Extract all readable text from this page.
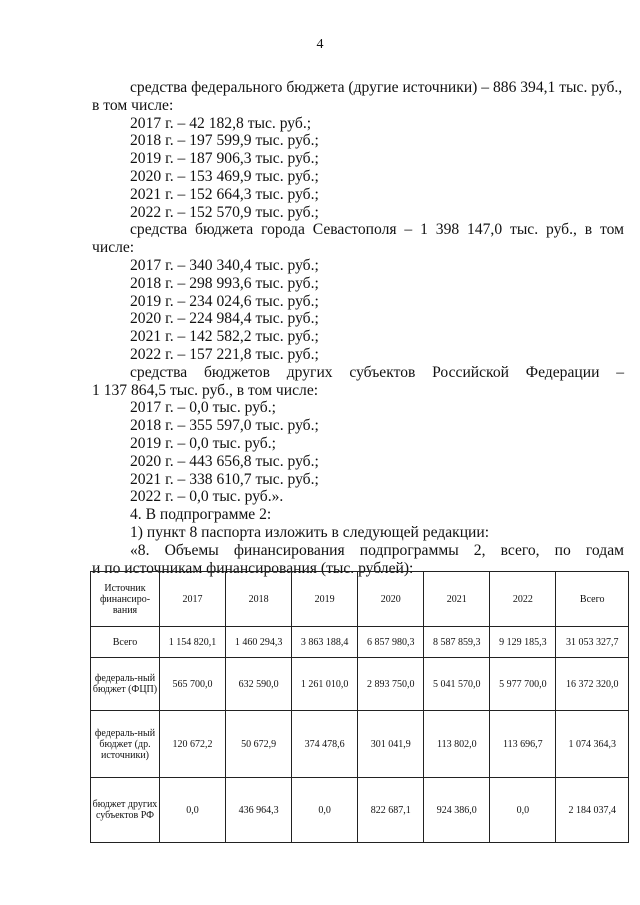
4
средства федерального бюджета (другие источники) – 886 394,1 тыс. руб.,
в том числе:
2017 г. – 42 182,8 тыс. руб.;
2018 г. – 197 599,9 тыс. руб.;
2019 г. – 187 906,3 тыс. руб.;
2020 г. – 153 469,9 тыс. руб.;
2021 г. – 152 664,3 тыс. руб.;
2022 г. – 152 570,9 тыс. руб.;
средства бюджета города Севастополя – 1 398 147,0 тыс. руб., в том
числе:
2017 г. – 340 340,4 тыс. руб.;
2018 г. – 298 993,6 тыс. руб.;
2019 г. – 234 024,6 тыс. руб.;
2020 г. – 224 984,4 тыс. руб.;
2021 г. – 142 582,2 тыс. руб.;
2022 г. – 157 221,8 тыс. руб.;
средства бюджетов других субъектов Российской Федерации –
1 137 864,5 тыс. руб., в том числе:
2017 г. – 0,0 тыс. руб.;
2018 г. – 355 597,0 тыс. руб.;
2019 г. – 0,0 тыс. руб.;
2020 г. – 443 656,8 тыс. руб.;
2021 г. – 338 610,7 тыс. руб.;
2022 г. – 0,0 тыс. руб.».
4. В подпрограмме 2:
1) пункт 8 паспорта изложить в следующей редакции:
«8. Объемы финансирования подпрограммы 2, всего, по годам
и по источникам финансирования (тыс. рублей):
Источник финансиро-вания	2017	2018	2019	2020	2021	2022	Всего
Всего	1 154 820,1	1 460 294,3	3 863 188,4	6 857 980,3	8 587 859,3	9 129 185,3	31 053 327,7
федераль-ный бюджет (ФЦП)	565 700,0	632 590,0	1 261 010,0	2 893 750,0	5 041 570,0	5 977 700,0	16 372 320,0
федераль-ный бюджет (др. источники)	120 672,2	50 672,9	374 478,6	301 041,9	113 802,0	113 696,7	1 074 364,3
бюджет других субъектов РФ	0,0	436 964,3	0,0	822 687,1	924 386,0	0,0	2 184 037,4
